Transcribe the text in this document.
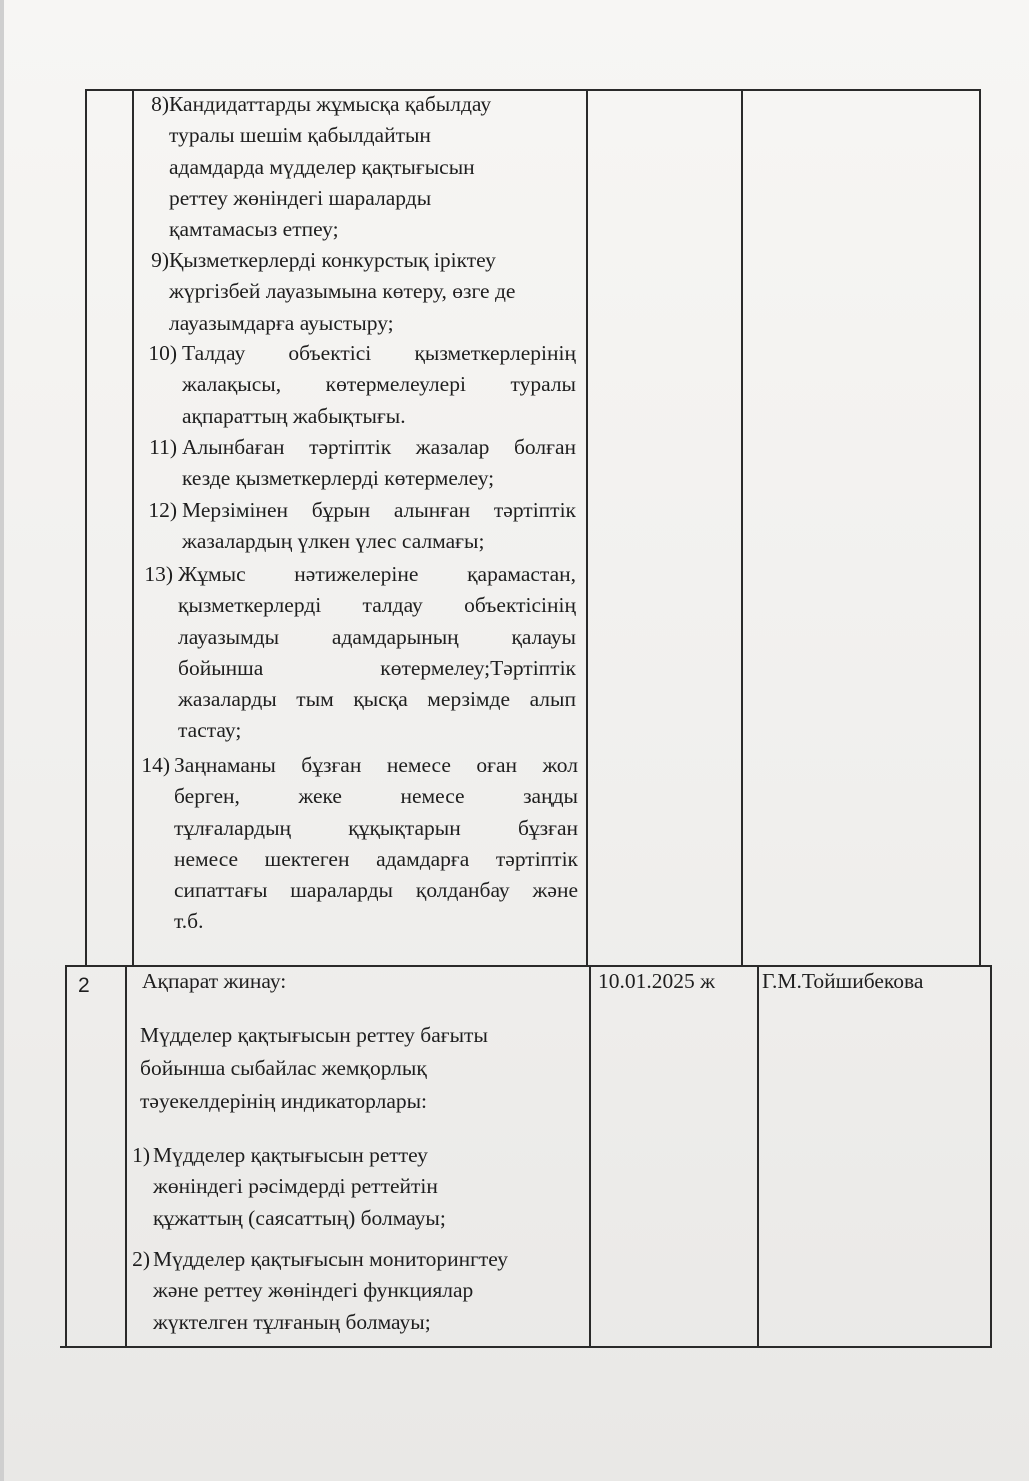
8) Кандидаттарды жұмысқа қабылдау
туралы шешім қабылдайтын
адамдарда мүдделер қақтығысын
реттеу жөніндегі шараларды
қамтамасыз етпеу;
9) Қызметкерлерді конкурстық іріктеу
жүргізбей лауазымына көтеру, өзге де
лауазымдарға ауыстыру;
10) Талдау объектісі қызметкерлерінің
жалақысы, көтермелеулері туралы
ақпараттың жабықтығы.
11) Алынбаған тәртіптік жазалар болған
кезде қызметкерлерді көтермелеу;
12) Мерзімінен бұрын алынған тәртіптік
жазалардың үлкен үлес салмағы;
13) Жұмыс нәтижелеріне қарамастан,
қызметкерлерді талдау объектісінің
лауазымды адамдарының қалауы
бойынша көтермелеу;Тәртіптік
жазаларды тым қысқа мерзімде алып
тастау;
14) Заңнаманы бұзған немесе оған жол
берген, жеке немесе заңды
тұлғалардың құқықтарын бұзған
немесе шектеген адамдарға тәртіптік
сипаттағы шараларды қолданбау және
т.б.
2 Ақпарат жинау:
Мүдделер қақтығысын реттеу бағыты
бойынша сыбайлас жемқорлық
тәуекелдерінің индикаторлары:
1) Мүдделер қақтығысын реттеу
жөніндегі рәсімдерді реттейтін
құжаттың (саясаттың) болмауы;
2) Мүдделер қақтығысын мониторингтеу
және реттеу жөніндегі функциялар
жүктелген тұлғаның болмауы;
10.01.2025 ж Г.М.Тойшибекова
